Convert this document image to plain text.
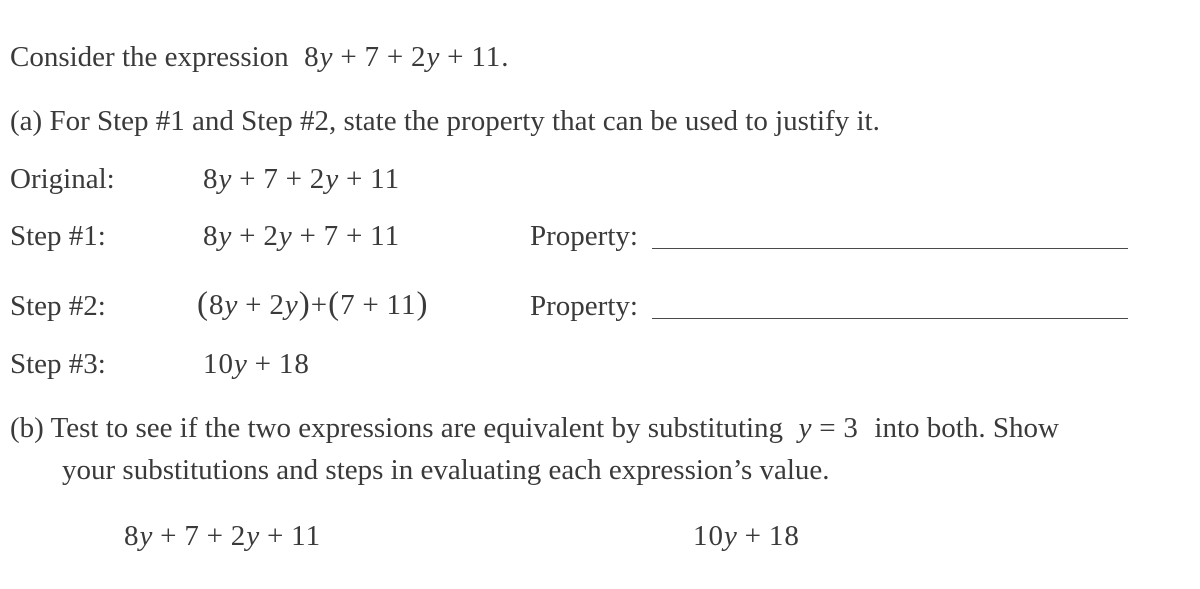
Consider the expression  8y + 7 + 2y + 11.
(a) For Step #1 and Step #2, state the property that can be used to justify it.
Original:	8y + 7 + 2y + 11
Step #1:	8y + 2y + 7 + 11	Property:
Step #2:	(8y + 2y)+(7 + 11)	Property:
Step #3:	10y + 18
(b) Test to see if the two expressions are equivalent by substituting y = 3  into both. Show
your substitutions and steps in evaluating each expression’s value.
8y + 7 + 2y + 11	10y + 18
